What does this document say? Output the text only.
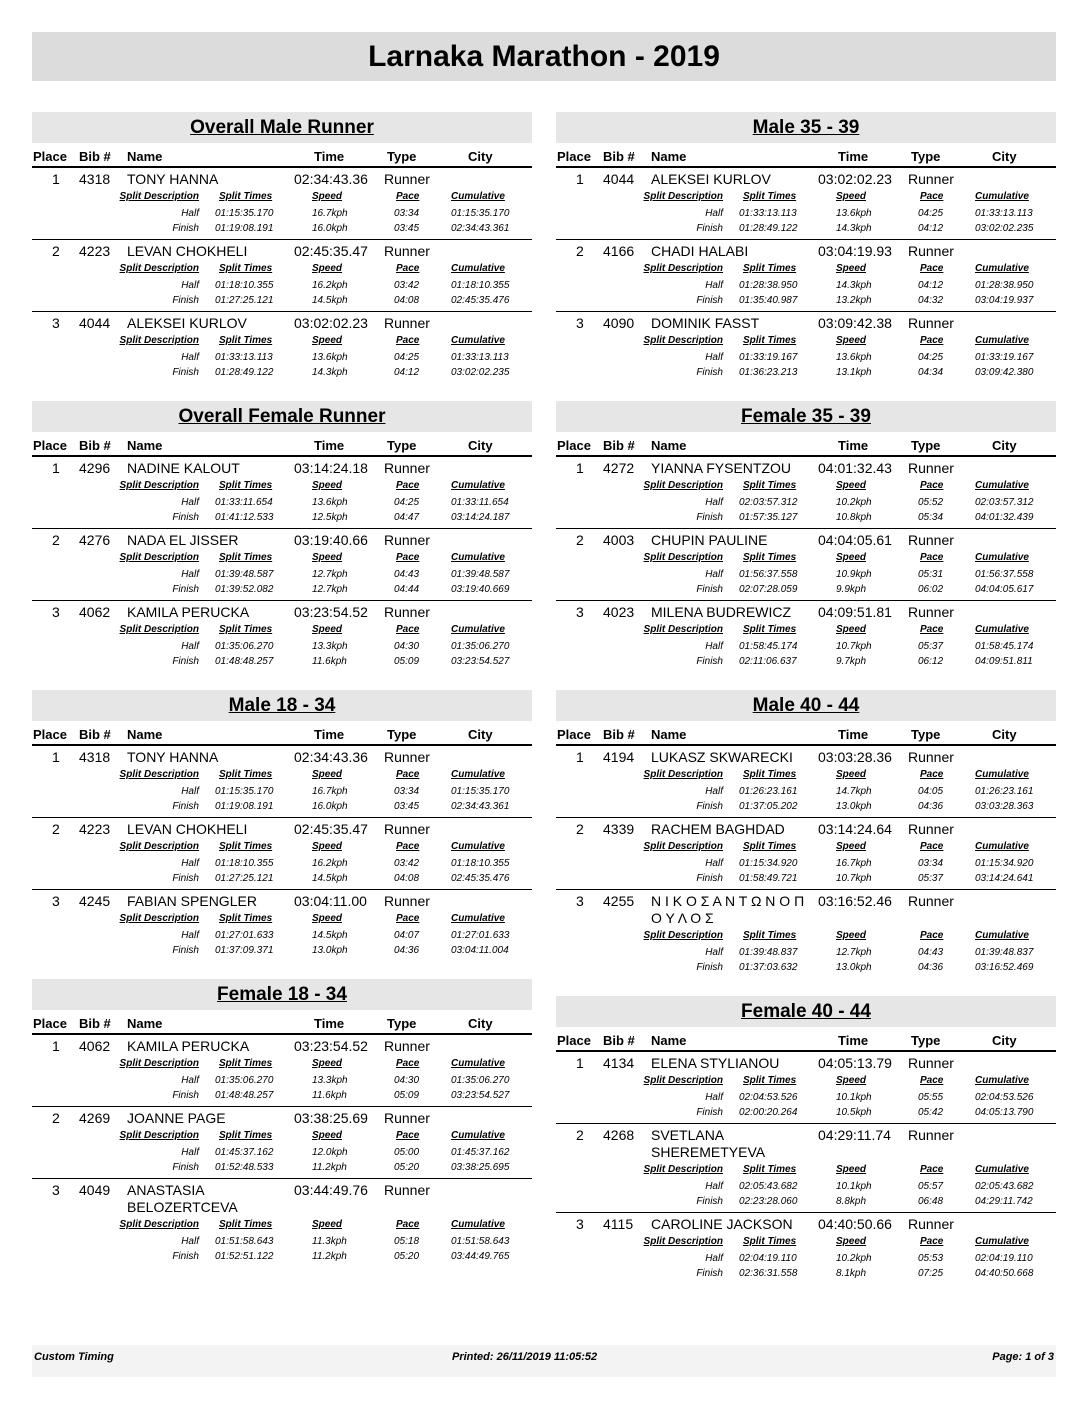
Larnaka Marathon - 2019
Overall Male Runner
Place Bib # Name	Time	Type	City
1 4318 TONY HANNA	02:34:43.36 Runner
Split Description Split Times	Speed	Pace	Cumulative
Half 01:15:35.170	16.7kph	03:34	01:15:35.170
Finish 01:19:08.191	16.0kph	03:45	02:34:43.361
2 4223 LEVAN CHOKHELI	02:45:35.47 Runner
Split Description Split Times	Speed	Pace	Cumulative
Half 01:18:10.355	16.2kph	03:42	01:18:10.355
Finish 01:27:25.121	14.5kph	04:08	02:45:35.476
3 4044 ALEKSEI KURLOV	03:02:02.23 Runner
Split Description Split Times	Speed	Pace	Cumulative
Half 01:33:13.113	13.6kph	04:25	01:33:13.113
Finish 01:28:49.122	14.3kph	04:12	03:02:02.235
Overall Female Runner
Place Bib # Name	Time	Type	City
1 4296 NADINE KALOUT	03:14:24.18 Runner
Split Description Split Times	Speed	Pace	Cumulative
Half 01:33:11.654	13.6kph	04:25	01:33:11.654
Finish 01:41:12.533	12.5kph	04:47	03:14:24.187
2 4276 NADA EL JISSER	03:19:40.66 Runner
Split Description Split Times	Speed	Pace	Cumulative
Half 01:39:48.587	12.7kph	04:43	01:39:48.587
Finish 01:39:52.082	12.7kph	04:44	03:19:40.669
3 4062 KAMILA PERUCKA	03:23:54.52 Runner
Split Description Split Times	Speed	Pace	Cumulative
Half 01:35:06.270	13.3kph	04:30	01:35:06.270
Finish 01:48:48.257	11.6kph	05:09	03:23:54.527
Male 18 - 34
Place Bib # Name	Time	Type	City
1 4318 TONY HANNA	02:34:43.36 Runner
Split Description Split Times	Speed	Pace	Cumulative
Half 01:15:35.170	16.7kph	03:34	01:15:35.170
Finish 01:19:08.191	16.0kph	03:45	02:34:43.361
2 4223 LEVAN CHOKHELI	02:45:35.47 Runner
Split Description Split Times	Speed	Pace	Cumulative
Half 01:18:10.355	16.2kph	03:42	01:18:10.355
Finish 01:27:25.121	14.5kph	04:08	02:45:35.476
3 4245 FABIAN SPENGLER	03:04:11.00 Runner
Split Description Split Times	Speed	Pace	Cumulative
Half 01:27:01.633	14.5kph	04:07	01:27:01.633
Finish 01:37:09.371	13.0kph	04:36	03:04:11.004
Female 18 - 34
Place Bib # Name	Time	Type	City
1 4062 KAMILA PERUCKA	03:23:54.52 Runner
Split Description Split Times	Speed	Pace	Cumulative
Half 01:35:06.270	13.3kph	04:30	01:35:06.270
Finish 01:48:48.257	11.6kph	05:09	03:23:54.527
2 4269 JOANNE PAGE	03:38:25.69 Runner
Split Description Split Times	Speed	Pace	Cumulative
Half 01:45:37.162	12.0kph	05:00	01:45:37.162
Finish 01:52:48.533	11.2kph	05:20	03:38:25.695
3 4049 ANASTASIA BELOZERTCEVA
03:44:49.76 Runner
Split Description Split Times	Speed	Pace	Cumulative
Half 01:51:58.643	11.3kph	05:18	01:51:58.643
Finish 01:52:51.122	11.2kph	05:20	03:44:49.765
Male 35 - 39
Place Bib # Name	Time	Type	City
1 4044 ALEKSEI KURLOV	03:02:02.23 Runner
Split Description Split Times	Speed	Pace	Cumulative
Half 01:33:13.113	13.6kph	04:25	01:33:13.113
Finish 01:28:49.122	14.3kph	04:12	03:02:02.235
2 4166 CHADI HALABI	03:04:19.93 Runner
Split Description Split Times	Speed	Pace	Cumulative
Half 01:28:38.950	14.3kph	04:12	01:28:38.950
Finish 01:35:40.987	13.2kph	04:32	03:04:19.937
3 4090 DOMINIK FASST	03:09:42.38 Runner
Split Description Split Times	Speed	Pace	Cumulative
Half 01:33:19.167	13.6kph	04:25	01:33:19.167
Finish 01:36:23.213	13.1kph	04:34	03:09:42.380
Female 35 - 39
Place Bib # Name	Time	Type	City
1 4272 YIANNA FYSENTZOU 04:01:32.43 Runner
Split Description Split Times	Speed	Pace	Cumulative
Half 02:03:57.312	10.2kph	05:52	02:03:57.312
Finish 01:57:35.127	10.8kph	05:34	04:01:32.439
2 4003 CHUPIN PAULINE	04:04:05.61 Runner
Split Description Split Times	Speed	Pace	Cumulative
Half 01:56:37.558	10.9kph	05:31	01:56:37.558
Finish 02:07:28.059	9.9kph	06:02	04:04:05.617
3 4023 MILENA BUDREWICZ 04:09:51.81 Runner
Split Description Split Times	Speed	Pace	Cumulative
Half 01:58:45.174	10.7kph	05:37	01:58:45.174
Finish 02:11:06.637	9.7kph	06:12	04:09:51.811
Male 40 - 44
Place Bib # Name	Time	Type	City
1 4194 LUKASZ SKWARECKI 03:03:28.36 Runner
Split Description Split Times	Speed	Pace	Cumulative
Half 01:26:23.161	14.7kph	04:05	01:26:23.161
Finish 01:37:05.202	13.0kph	04:36	03:03:28.363
2 4339 RACHEM BAGHDAD 03:14:24.64 Runner
Split Description Split Times	Speed	Pace	Cumulative
Half 01:15:34.920	16.7kph	03:34	01:15:34.920
Finish 01:58:49.721	10.7kph	05:37	03:14:24.641
3 4255 Ν Ι Κ Ο Σ Α Ν Τ Ω Ν Ο Π Ο Υ Λ Ο Σ
03:16:52.46 Runner
Split Description Split Times	Speed	Pace	Cumulative
Half 01:39:48.837	12.7kph	04:43	01:39:48.837
Finish 01:37:03.632	13.0kph	04:36	03:16:52.469
Female 40 - 44
Place Bib # Name	Time	Type	City
1 4134 ELENA STYLIANOU	04:05:13.79 Runner
Split Description Split Times	Speed	Pace	Cumulative
Half 02:04:53.526	10.1kph	05:55	02:04:53.526
Finish 02:00:20.264	10.5kph	05:42	04:05:13.790
2 4268 SVETLANA SHEREMETYEVA
04:29:11.74 Runner
Split Description Split Times	Speed	Pace	Cumulative
Half 02:05:43.682	10.1kph	05:57	02:05:43.682
Finish 02:23:28.060	8.8kph	06:48	04:29:11.742
3 4115 CAROLINE JACKSON 04:40:50.66 Runner
Split Description Split Times	Speed	Pace	Cumulative
Half 02:04:19.110	10.2kph	05:53	02:04:19.110
Finish 02:36:31.558	8.1kph	07:25	04:40:50.668
Custom Timing	Printed: 26/11/2019 11:05:52	Page: 1 of 3
